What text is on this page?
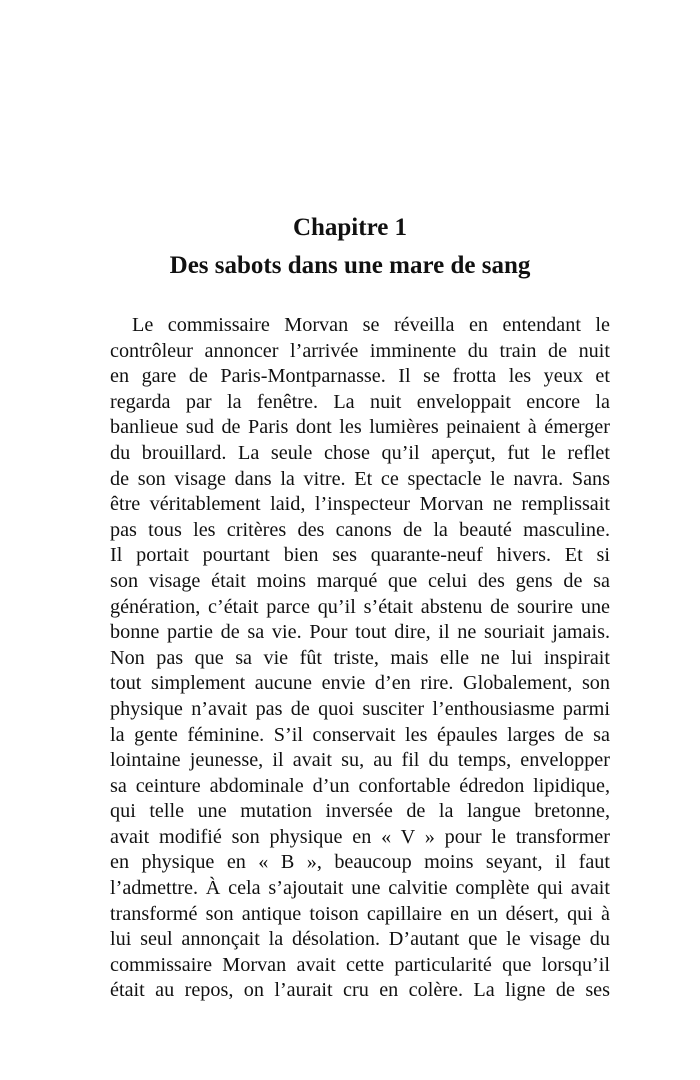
Chapitre 1
Des sabots dans une mare de sang
Le commissaire Morvan se réveilla en entendant le
contrôleur annoncer l’arrivée imminente du train de nuit
en gare de Paris-Montparnasse. Il se frotta les yeux et
regarda par la fenêtre. La nuit enveloppait encore la
banlieue sud de Paris dont les lumières peinaient à émerger
du brouillard. La seule chose qu’il aperçut, fut le reflet
de son visage dans la vitre. Et ce spectacle le navra. Sans
être véritablement laid, l’inspecteur Morvan ne remplissait
pas tous les critères des canons de la beauté masculine.
Il portait pourtant bien ses quarante-neuf hivers. Et si
son visage était moins marqué que celui des gens de sa
génération, c’était parce qu’il s’était abstenu de sourire une
bonne partie de sa vie. Pour tout dire, il ne souriait jamais.
Non pas que sa vie fût triste, mais elle ne lui inspirait
tout simplement aucune envie d’en rire. Globalement, son
physique n’avait pas de quoi susciter l’enthousiasme parmi
la gente féminine. S’il conservait les épaules larges de sa
lointaine jeunesse, il avait su, au fil du temps, envelopper
sa ceinture abdominale d’un confortable édredon lipidique,
qui telle une mutation inversée de la langue bretonne,
avait modifié son physique en « V » pour le transformer
en physique en « B », beaucoup moins seyant, il faut
l’admettre. À cela s’ajoutait une calvitie complète qui avait
transformé son antique toison capillaire en un désert, qui à
lui seul annonçait la désolation. D’autant que le visage du
commissaire Morvan avait cette particularité que lorsqu’il
était au repos, on l’aurait cru en colère. La ligne de ses
